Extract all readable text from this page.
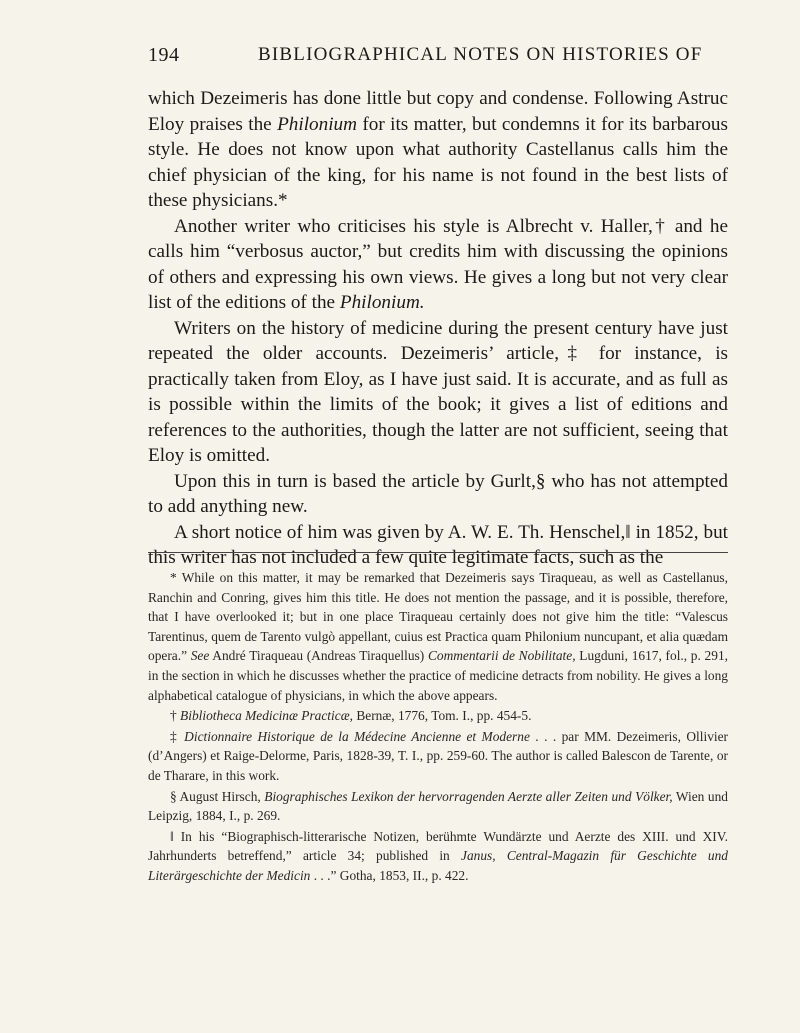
194	BIBLIOGRAPHICAL NOTES ON HISTORIES OF

which Dezeimeris has done little but copy and condense. Following Astruc Eloy praises the Philonium for its matter, but condemns it for its barbarous style. He does not know upon what authority Castellanus calls him the chief physician of the king, for his name is not found in the best lists of these physicians.*

Another writer who criticises his style is Albrecht v. Haller,† and he calls him “verbosus auctor,” but credits him with discussing the opinions of others and expressing his own views. He gives a long but not very clear list of the editions of the Philonium.

Writers on the history of medicine during the present century have just repeated the older accounts. Dezeimeris’ article,‡ for instance, is practically taken from Eloy, as I have just said. It is accurate, and as full as is possible within the limits of the book; it gives a list of editions and references to the authorities, though the latter are not sufficient, seeing that Eloy is omitted.

Upon this in turn is based the article by Gurlt,§ who has not attempted to add anything new.

A short notice of him was given by A. W. E. Th. Henschel,‖ in 1852, but this writer has not included a few quite legitimate facts, such as the

* While on this matter, it may be remarked that Dezeimeris says Tiraqueau, as well as Castellanus, Ranchin and Conring, gives him this title. He does not mention the passage, and it is possible, therefore, that I have overlooked it; but in one place Tiraqueau certainly does not give him the title: “Valescus Tarentinus, quem de Tarento vulgò appellant, cuius est Practica quam Philonium nuncupant, et alia quædam opera.” See André Tiraqueau (Andreas Tiraquellus) Commentarii de Nobilitate, Lugduni, 1617, fol., p. 291, in the section in which he discusses whether the practice of medicine detracts from nobility. He gives a long alphabetical catalogue of physicians, in which the above appears.

† Bibliotheca Medicinæ Practicæ, Bernæ, 1776, Tom. I., pp. 454-5.

‡ Dictionnaire Historique de la Médecine Ancienne et Moderne . . . par MM. Dezeimeris, Ollivier (d’Angers) et Raige-Delorme, Paris, 1828-39, T. I., pp. 259-60. The author is called Balescon de Tarente, or de Tharare, in this work.

§ August Hirsch, Biographisches Lexikon der hervorragenden Aerzte aller Zeiten und Völker, Wien und Leipzig, 1884, I., p. 269.

‖ In his “Biographisch-litterarische Notizen, berühmte Wundärzte und Aerzte des XIII. und XIV. Jahrhunderts betreffend,” article 34; published in Janus, Central-Magazin für Geschichte und Literärgeschichte der Medicin . . .” Gotha, 1853, II., p. 422.
